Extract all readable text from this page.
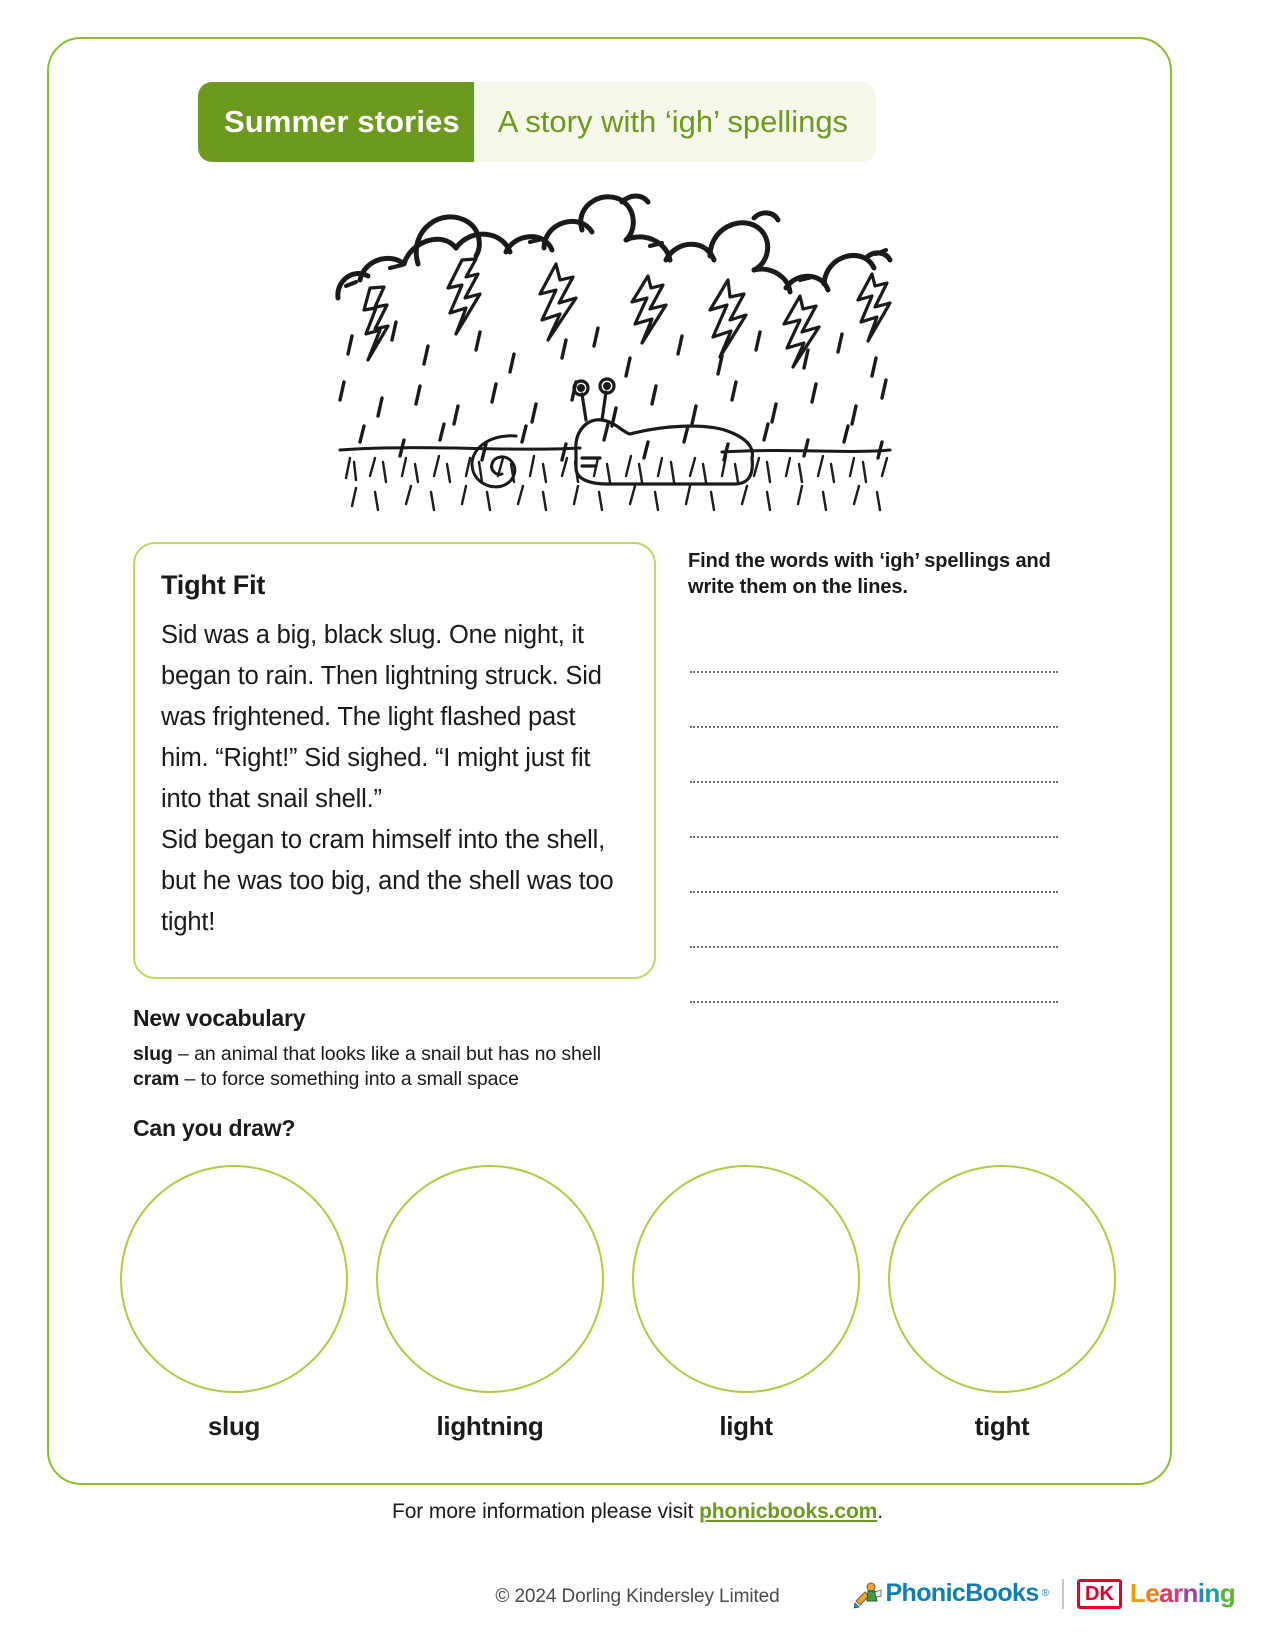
Summer stories A story with ‘igh’ spellings
Tight Fit

Sid was a big, black slug. One night, it began to rain. Then lightning struck. Sid was frightened. The light flashed past him. “Right!” Sid sighed. “I might just fit into that snail shell.”

Sid began to cram himself into the shell, but he was too big, and the shell was too tight!

Find the words with ‘igh’ spellings and write them on the lines.

New vocabulary

slug – an animal that looks like a snail but has no shell

cram – to force something into a small space

Can you draw?
slug	lightning	light	tight
For more information please visit phonicbooks.com.
© 2024 Dorling Kindersley Limited	PhonicBooks ®	DK Learning
